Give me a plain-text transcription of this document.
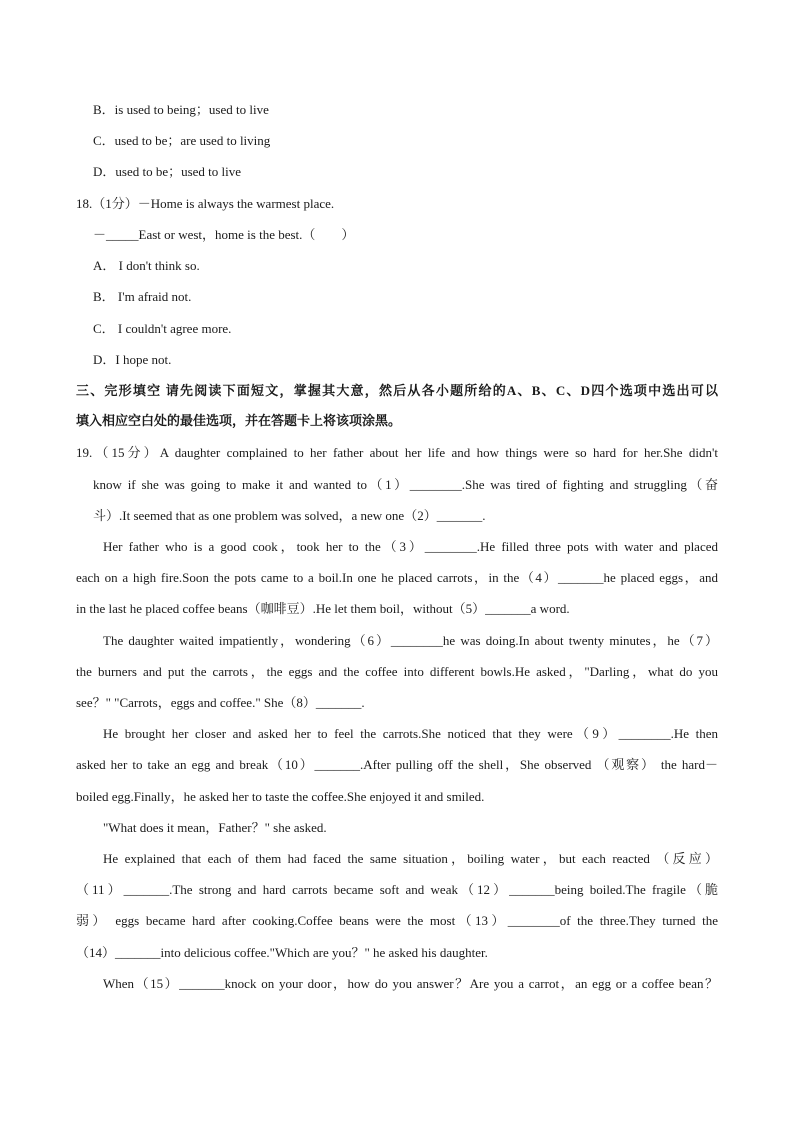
B．is used to being；used to live
C．used to be；are used to living
D．used to be；used to live
18.（1分）－Home is always the warmest place.
－_____East or west，home is the best.（　　）
A． I don't think so.
B． I'm afraid not.
C． I couldn't agree more.
D．I hope not.
三、完形填空 请先阅读下面短文，掌握其大意，然后从各小题所给的A、B、C、D四个选项中选出可以
填入相应空白处的最佳选项，并在答题卡上将该项涂黑。
19.（15分）A daughter complained to her father about her life and how things were so hard for her.She didn't
know if she was going to make it and wanted to（1）________.She was tired of fighting and struggling（奋
斗）.It seemed that as one problem was solved，a new one（2）_______.
Her father who is a good cook，took her to the（3）________.He filled three pots with water and placed
each on a high fire.Soon the pots came to a boil.In one he placed carrots，in the（4）_______he placed eggs，and
in the last he placed coffee beans（咖啡豆）.He let them boil，without（5）_______a word.
The daughter waited impatiently，wondering（6）________he was doing.In about twenty minutes，he（7）
the burners and put the carrots，the eggs and the coffee into different bowls.He asked，"Darling，what do you
see？" "Carrots，eggs and coffee." She（8）_______.
He brought her closer and asked her to feel the carrots.She noticed that they were（9）________.He then
asked her to take an egg and break（10）_______.After pulling off the shell，She observed （观察） the hard－
boiled egg.Finally，he asked her to taste the coffee.She enjoyed it and smiled.
"What does it mean，Father？" she asked.
He explained that each of them had faced the same situation，boiling water，but each reacted （反应）
（11）_______.The strong and hard carrots became soft and weak（12）_______being boiled.The fragile（脆
弱） eggs became hard after cooking.Coffee beans were the most（13）________of the three.They turned the
（14）_______into delicious coffee."Which are you？" he asked his daughter.
When（15）_______knock on your door，how do you answer？Are you a carrot，an egg or a coffee bean？
